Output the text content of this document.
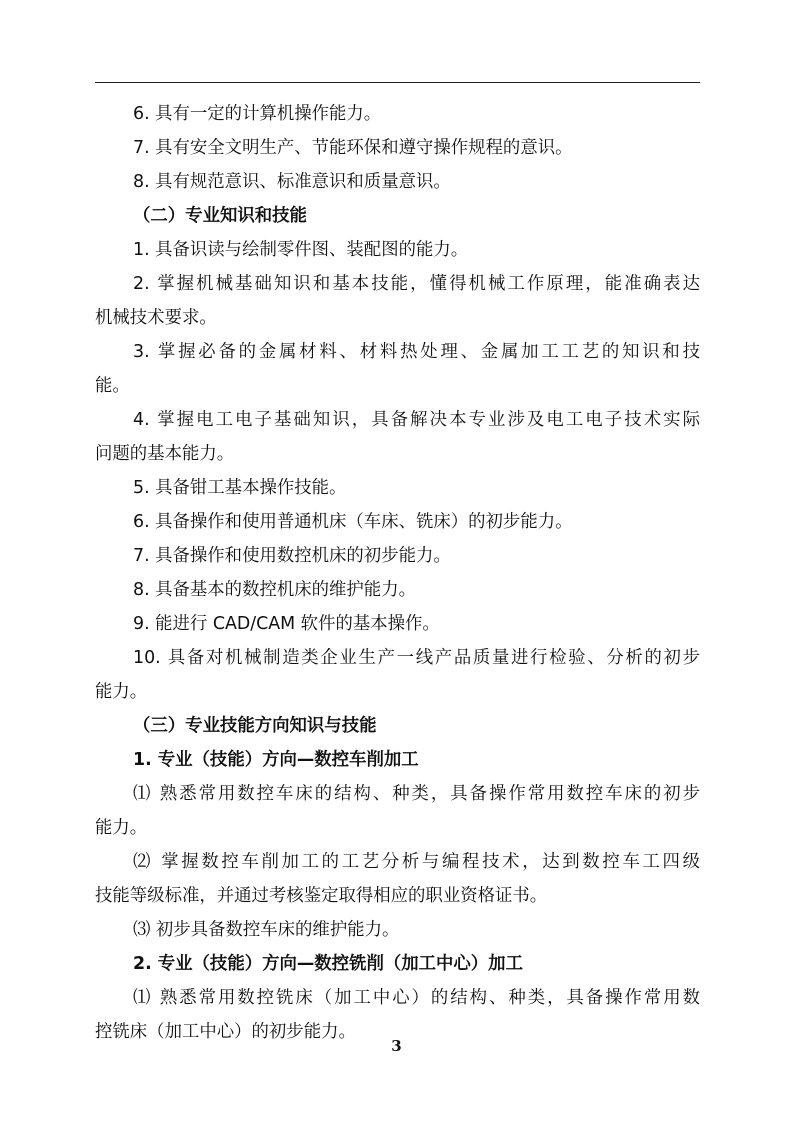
6. 具有一定的计算机操作能力。
7. 具有安全文明生产、节能环保和遵守操作规程的意识。
8. 具有规范意识、标准意识和质量意识。
（二）专业知识和技能
1. 具备识读与绘制零件图、装配图的能力。
2. 掌握机械基础知识和基本技能，懂得机械工作原理，能准确表达
机械技术要求。
3. 掌握必备的金属材料、材料热处理、金属加工工艺的知识和技
能。
4. 掌握电工电子基础知识，具备解决本专业涉及电工电子技术实际
问题的基本能力。
5. 具备钳工基本操作技能。
6. 具备操作和使用普通机床（车床、铣床）的初步能力。
7. 具备操作和使用数控机床的初步能力。
8. 具备基本的数控机床的维护能力。
9. 能进行 CAD/CAM 软件的基本操作。
10. 具备对机械制造类企业生产一线产品质量进行检验、分析的初步
能力。
（三）专业技能方向知识与技能
1. 专业（技能）方向—数控车削加工
⑴ 熟悉常用数控车床的结构、种类，具备操作常用数控车床的初步
能力。
⑵ 掌握数控车削加工的工艺分析与编程技术，达到数控车工四级
技能等级标准，并通过考核鉴定取得相应的职业资格证书。
⑶ 初步具备数控车床的维护能力。
2. 专业（技能）方向—数控铣削（加工中心）加工
⑴ 熟悉常用数控铣床（加工中心）的结构、种类，具备操作常用数
控铣床（加工中心）的初步能力。
3
